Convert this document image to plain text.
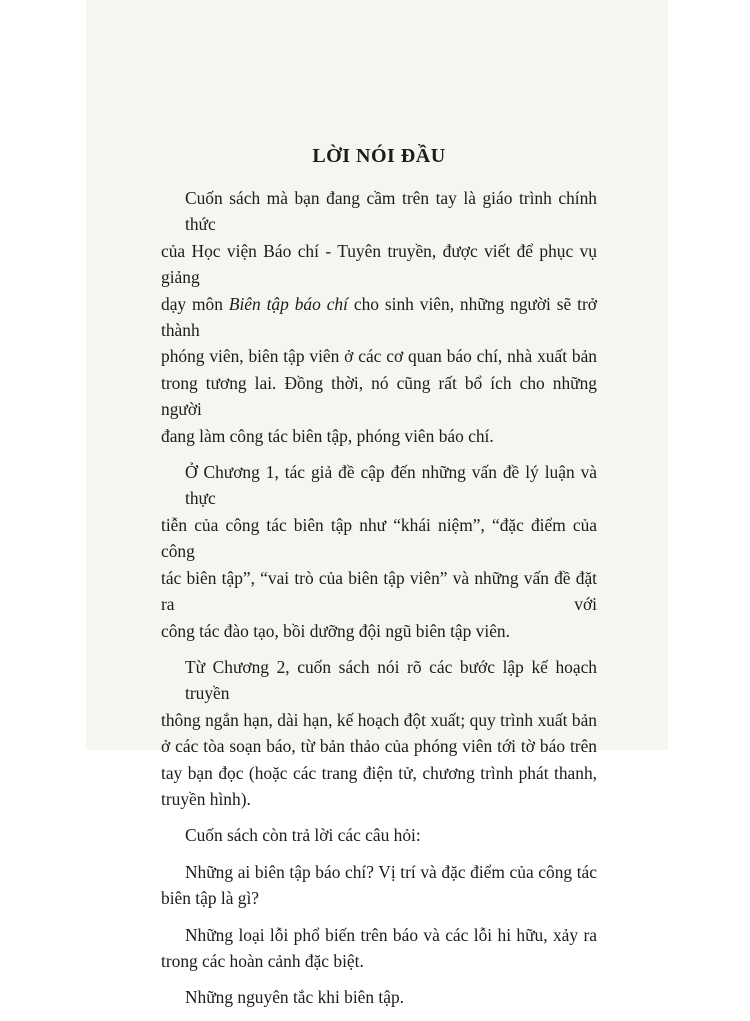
LỜI NÓI ĐẦU

Cuốn sách mà bạn đang cầm trên tay là giáo trình chính thức
của Học viện Báo chí - Tuyên truyền, được viết để phục vụ giảng
dạy môn Biên tập báo chí cho sinh viên, những người sẽ trở thành
phóng viên, biên tập viên ở các cơ quan báo chí, nhà xuất bản
trong tương lai. Đồng thời, nó cũng rất bổ ích cho những người
đang làm công tác biên tập, phóng viên báo chí.

Ở Chương 1, tác giả đề cập đến những vấn đề lý luận và thực
tiễn của công tác biên tập như “khái niệm”, “đặc điểm của công
tác biên tập”, “vai trò của biên tập viên” và những vấn đề đặt ra với
công tác đào tạo, bồi dưỡng đội ngũ biên tập viên.

Từ Chương 2, cuốn sách nói rõ các bước lập kế hoạch truyền
thông ngắn hạn, dài hạn, kế hoạch đột xuất; quy trình xuất bản
ở các tòa soạn báo, từ bản thảo của phóng viên tới tờ báo trên
tay bạn đọc (hoặc các trang điện tử, chương trình phát thanh,
truyền hình).

Cuốn sách còn trả lời các câu hỏi:

Những ai biên tập báo chí? Vị trí và đặc điểm của công tác
biên tập là gì?

Những loại lỗi phổ biến trên báo và các lỗi hi hữu, xảy ra
trong các hoàn cảnh đặc biệt.

Những nguyên tắc khi biên tập.
